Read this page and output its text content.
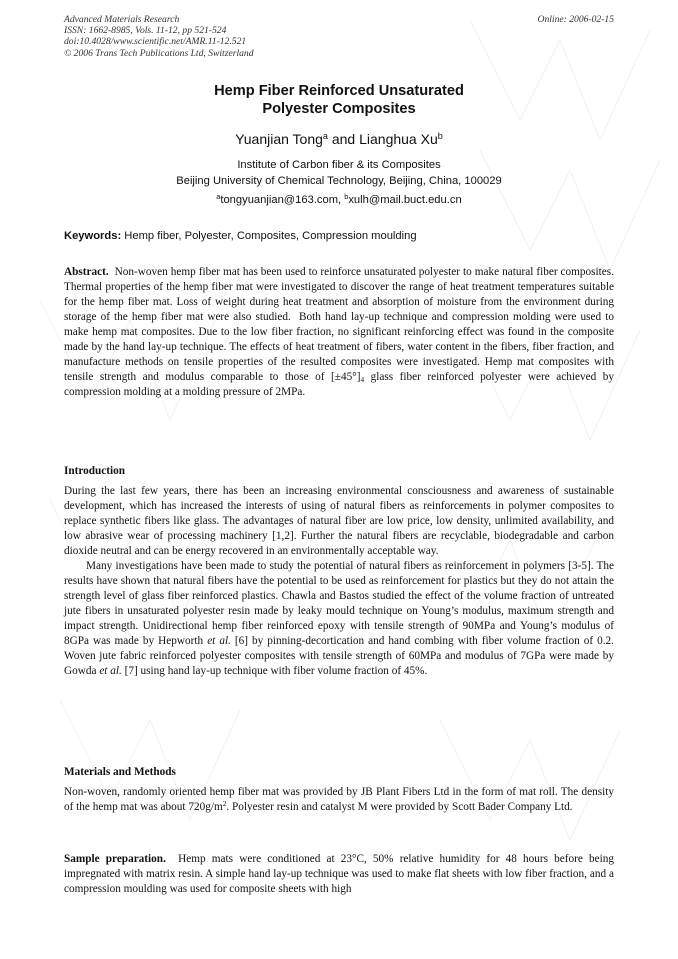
Advanced Materials Research
ISSN: 1662-8985, Vols. 11-12, pp 521-524
doi:10.4028/www.scientific.net/AMR.11-12.521
© 2006 Trans Tech Publications Ltd, Switzerland
Online: 2006-02-15
Hemp Fiber Reinforced Unsaturated
Polyester Composites
Yuanjian Tong$^a$ and Lianghua Xu$^b$
Institute of Carbon fiber & its Composites
Beijing University of Chemical Technology, Beijing, China, 100029
$^a$tongyuanjian@163.com, $^b$xulh@mail.buct.edu.cn
Keywords: Hemp fiber, Polyester, Composites, Compression moulding

Abstract.  Non-woven hemp fiber mat has been used to reinforce unsaturated polyester to make natural fiber composites. Thermal properties of the hemp fiber mat were investigated to discover the range of heat treatment temperatures suitable for the hemp fiber mat. Loss of weight during heat treatment and absorption of moisture from the environment during storage of the hemp fiber mat were also studied.  Both hand lay-up technique and compression molding were used to make hemp mat composites. Due to the low fiber fraction, no significant reinforcing effect was found in the composite made by the hand lay-up technique. The effects of heat treatment of fibers, water content in the fibers, fiber fraction, and manufacture methods on tensile properties of the resulted composites were investigated. Hemp mat composites with tensile strength and modulus comparable to those of $[\pm 45^\circ]_4$ glass fiber reinforced polyester were achieved by compression molding at a molding pressure of 2MPa.

Introduction

During the last few years, there has been an increasing environmental consciousness and awareness of sustainable development, which has increased the interests of using of natural fibers as reinforcements in polymer composites to replace synthetic fibers like glass. The advantages of natural fiber are low price, low density, unlimited availability, and low abrasive wear of processing machinery [1,2]. Further the natural fibers are recyclable, biodegradable and carbon dioxide neutral and can be energy recovered in an environmentally acceptable way.

Many investigations have been made to study the potential of natural fibers as reinforcement in polymers [3-5]. The results have shown that natural fibers have the potential to be used as reinforcement for plastics but they do not attain the strength level of glass fiber reinforced plastics. Chawla and Bastos studied the effect of the volume fraction of untreated jute fibers in unsaturated polyester resin made by leaky mould technique on Young’s modulus, maximum strength and impact strength. Unidirectional hemp fiber reinforced epoxy with tensile strength of 90MPa and Young’s modulus of 8GPa was made by Hepworth et al. [6] by pinning-decortication and hand combing with fiber volume fraction of 0.2. Woven jute fabric reinforced polyester composites with tensile strength of 60MPa and modulus of 7GPa were made by Gowda et al. [7] using hand lay-up technique with fiber volume fraction of 45%.

Materials and Methods

Non-woven, randomly oriented hemp fiber mat was provided by JB Plant Fibers Ltd in the form of mat roll. The density of the hemp mat was about $720g/m^2$. Polyester resin and catalyst M were provided by Scott Bader Company Ltd.

Sample preparation.  Hemp mats were conditioned at 23°C, 50% relative humidity for 48 hours before being impregnated with matrix resin. A simple hand lay-up technique was used to make flat sheets with low fiber fraction, and a compression moulding was used for composite sheets with high
